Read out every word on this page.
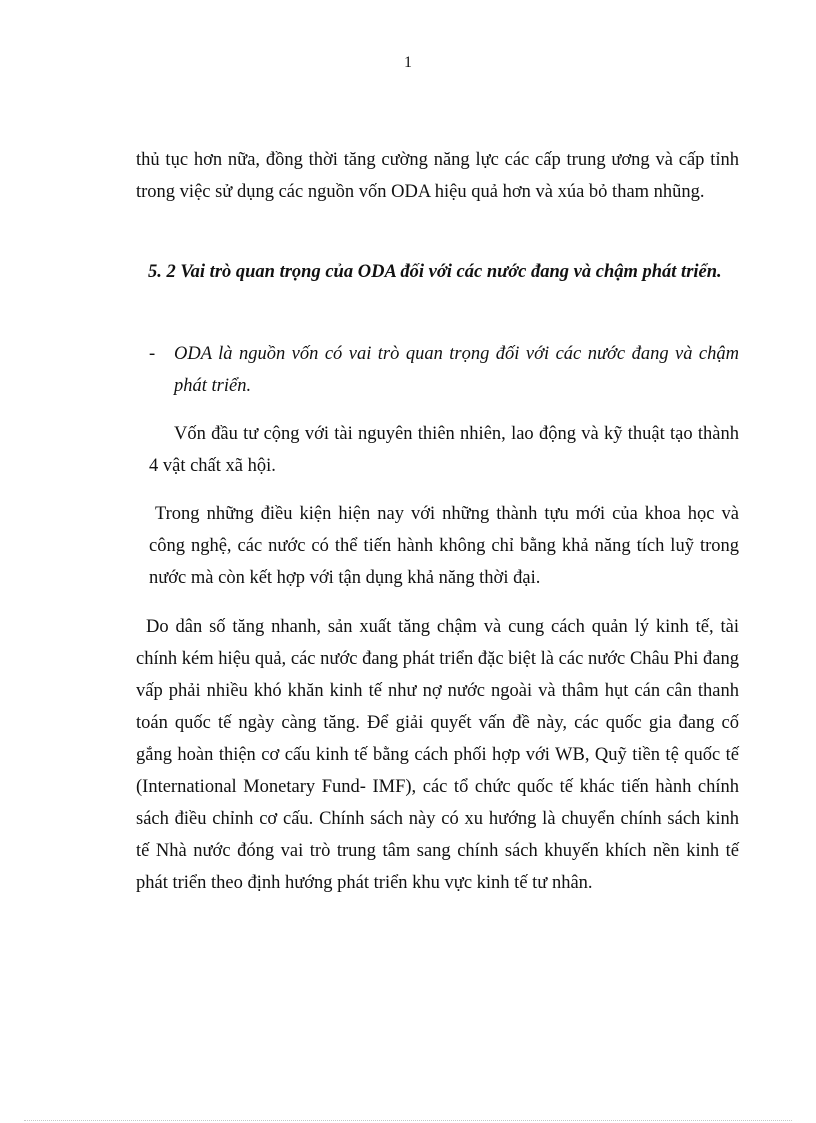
1
thủ tục hơn nữa, đồng thời tăng cường năng lực các cấp trung ương và cấp tỉnh trong việc sử dụng các nguồn vốn ODA hiệu quả hơn và xúa bỏ tham nhũng.
5. 2 Vai trò quan trọng của ODA đối với các nước đang và chậm phát triển.
- ODA là nguồn vốn có vai trò quan trọng đối với các nước đang và chậm phát triển.
Vốn đầu tư cộng với tài nguyên thiên nhiên, lao động và kỹ thuật tạo thành 4 vật chất xã hội.
Trong những điều kiện hiện nay với những thành tựu mới của khoa học và công nghệ, các nước có thể tiến hành không chỉ bằng khả năng tích luỹ trong nước mà còn kết hợp với tận dụng khả năng thời đại.
Do dân số tăng nhanh, sản xuất tăng chậm và cung cách quản lý kinh tế, tài chính kém hiệu quả, các nước đang phát triển đặc biệt là các nước Châu Phi đang vấp phải nhiều khó khăn kinh tế như nợ nước ngoài và thâm hụt cán cân thanh toán quốc tế ngày càng tăng. Để giải quyết vấn đề này, các quốc gia đang cố gắng hoàn thiện cơ cấu kinh tế bằng cách phối hợp với WB, Quỹ tiền tệ quốc tế (International Monetary Fund- IMF), các tổ chức quốc tế khác tiến hành chính sách điều chỉnh cơ cấu. Chính sách này có xu hướng là chuyển chính sách kinh tế Nhà nước đóng vai trò trung tâm sang chính sách khuyến khích nền kinh tế phát triển theo định hướng phát triển khu vực kinh tế tư nhân.
